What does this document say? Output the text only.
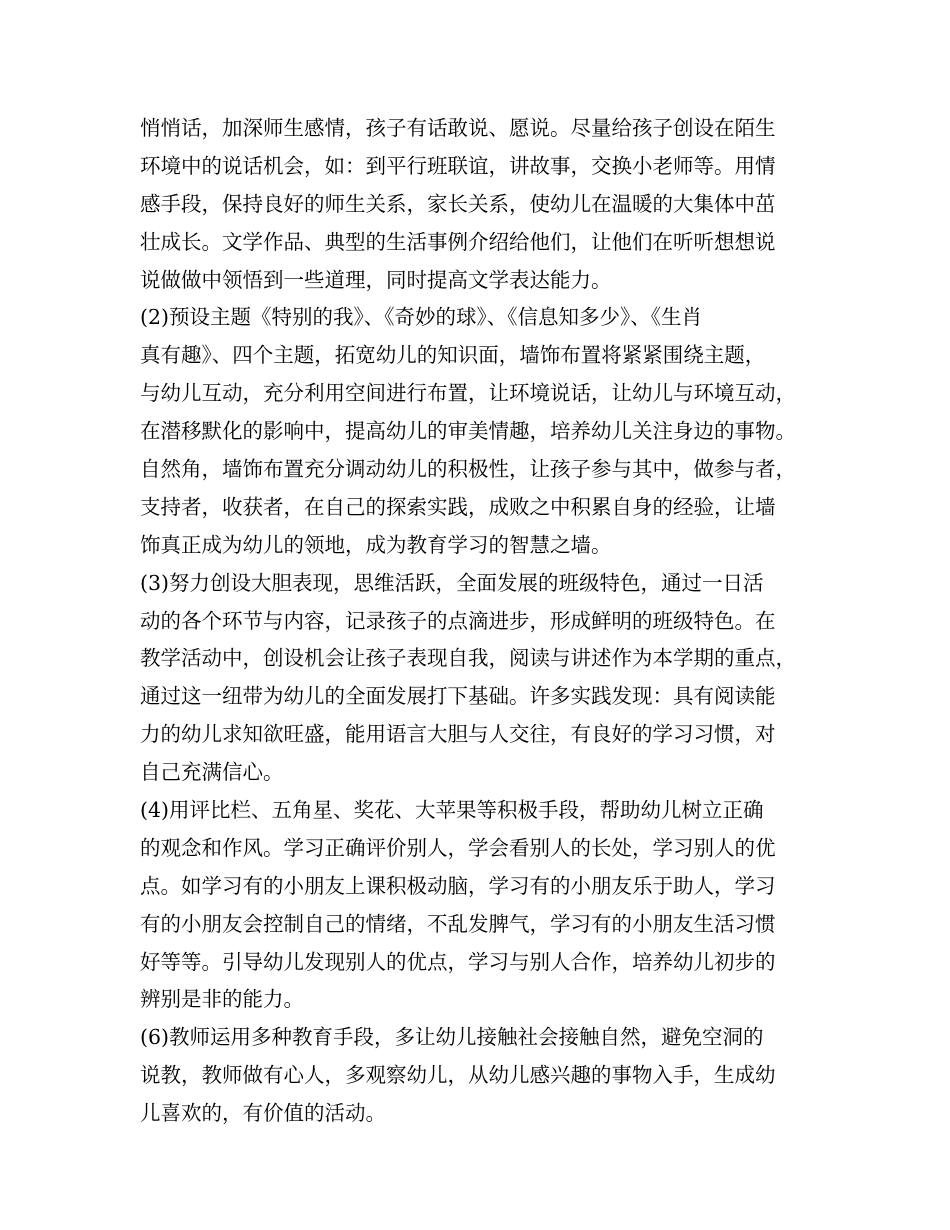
悄悄话，加深师生感情，孩子有话敢说、愿说。尽量给孩子创设在陌生
环境中的说话机会，如：到平行班联谊，讲故事，交换小老师等。用情
感手段，保持良好的师生关系，家长关系，使幼儿在温暖的大集体中茁
壮成长。文学作品、典型的生活事例介绍给他们，让他们在听听想想说
说做做中领悟到一些道理，同时提高文学表达能力。
(2)预设主题《特别的我》、《奇妙的球》、《信息知多少》、《生肖
真有趣》、四个主题，拓宽幼儿的知识面，墙饰布置将紧紧围绕主题，
与幼儿互动，充分利用空间进行布置，让环境说话，让幼儿与环境互动，
在潜移默化的影响中，提高幼儿的审美情趣，培养幼儿关注身边的事物。
自然角，墙饰布置充分调动幼儿的积极性，让孩子参与其中，做参与者，
支持者，收获者，在自己的探索实践，成败之中积累自身的经验，让墙
饰真正成为幼儿的领地，成为教育学习的智慧之墙。
(3)努力创设大胆表现，思维活跃，全面发展的班级特色，通过一日活
动的各个环节与内容，记录孩子的点滴进步，形成鲜明的班级特色。在
教学活动中，创设机会让孩子表现自我，阅读与讲述作为本学期的重点，
通过这一纽带为幼儿的全面发展打下基础。许多实践发现：具有阅读能
力的幼儿求知欲旺盛，能用语言大胆与人交往，有良好的学习习惯，对
自己充满信心。
(4)用评比栏、五角星、奖花、大苹果等积极手段，帮助幼儿树立正确
的观念和作风。学习正确评价别人，学会看别人的长处，学习别人的优
点。如学习有的小朋友上课积极动脑，学习有的小朋友乐于助人，学习
有的小朋友会控制自己的情绪，不乱发脾气，学习有的小朋友生活习惯
好等等。引导幼儿发现别人的优点，学习与别人合作，培养幼儿初步的
辨别是非的能力。
(6)教师运用多种教育手段，多让幼儿接触社会接触自然，避免空洞的
说教，教师做有心人，多观察幼儿，从幼儿感兴趣的事物入手，生成幼
儿喜欢的，有价值的活动。
